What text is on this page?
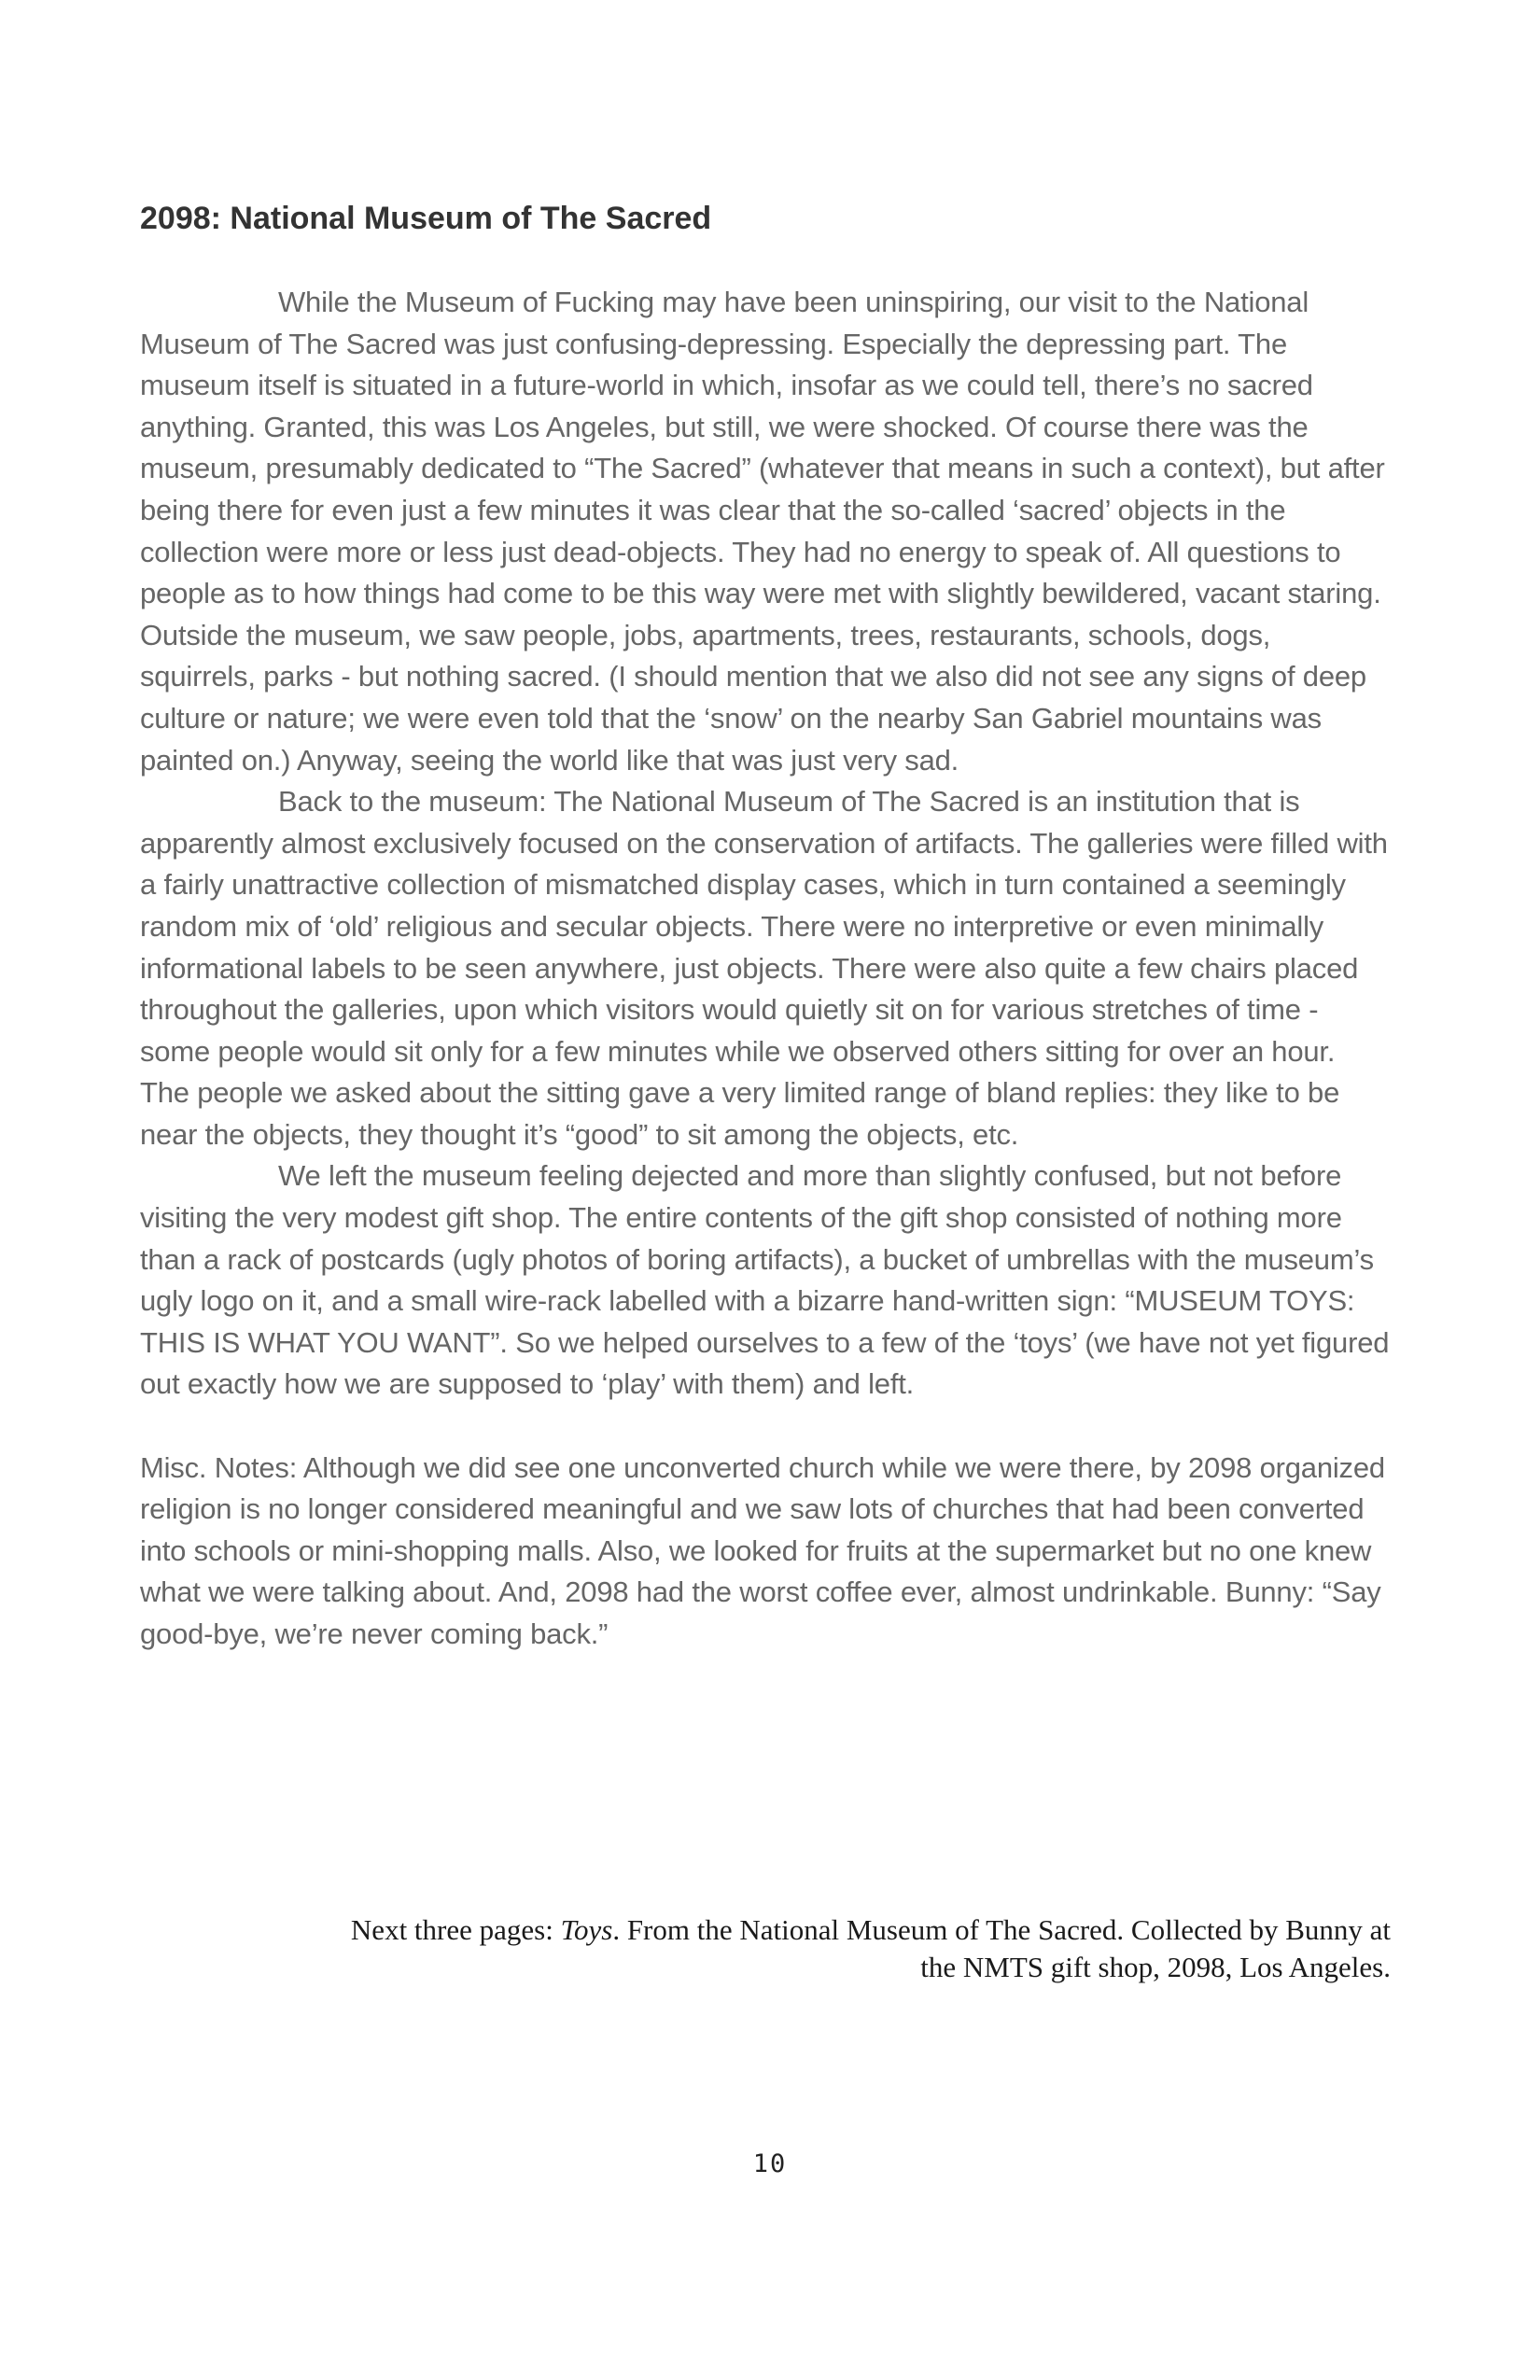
2098: National Museum of The Sacred

While the Museum of Fucking may have been uninspiring, our visit to the National Museum of The Sacred was just confusing-depressing. Especially the depressing part. The museum itself is situated in a future-world in which, insofar as we could tell, there’s no sacred anything. Granted, this was Los Angeles, but still, we were shocked. Of course there was the museum, presumably dedicated to “The Sacred” (whatever that means in such a context), but after being there for even just a few minutes it was clear that the so-called ‘sacred’ objects in the collection were more or less just dead-objects. They had no energy to speak of. All questions to people as to how things had come to be this way were met with slightly bewildered, vacant staring. Outside the museum, we saw people, jobs, apartments, trees, restaurants, schools, dogs, squirrels, parks - but nothing sacred. (I should mention that we also did not see any signs of deep culture or nature; we were even told that the ‘snow’ on the nearby San Gabriel mountains was painted on.) Anyway, seeing the world like that was just very sad.

Back to the museum: The National Museum of The Sacred is an institution that is apparently almost exclusively focused on the conservation of artifacts. The galleries were filled with a fairly unattractive collection of mismatched display cases, which in turn contained a seemingly random mix of ‘old’ religious and secular objects. There were no interpretive or even minimally informational labels to be seen anywhere, just objects. There were also quite a few chairs placed throughout the galleries, upon which visitors would quietly sit on for various stretches of time - some people would sit only for a few minutes while we observed others sitting for over an hour. The people we asked about the sitting gave a very limited range of bland replies: they like to be near the objects, they thought it’s “good” to sit among the objects, etc.

We left the museum feeling dejected and more than slightly confused, but not before visiting the very modest gift shop. The entire contents of the gift shop consisted of nothing more than a rack of postcards (ugly photos of boring artifacts), a bucket of umbrellas with the museum’s ugly logo on it, and a small wire-rack labelled with a bizarre hand-written sign: “MUSEUM TOYS: THIS IS WHAT YOU WANT”. So we helped ourselves to a few of the ‘toys’ (we have not yet figured out exactly how we are supposed to ‘play’ with them) and left.

Misc. Notes: Although we did see one unconverted church while we were there, by 2098 organized religion is no longer considered meaningful and we saw lots of churches that had been converted into schools or mini-shopping malls. Also, we looked for fruits at the supermarket but no one knew what we were talking about. And, 2098 had the worst coffee ever, almost undrinkable. Bunny: “Say good-bye, we’re never coming back.”

Next three pages: Toys. From the National Museum of The Sacred. Collected by Bunny at
the NMTS gift shop, 2098, Los Angeles.
10
